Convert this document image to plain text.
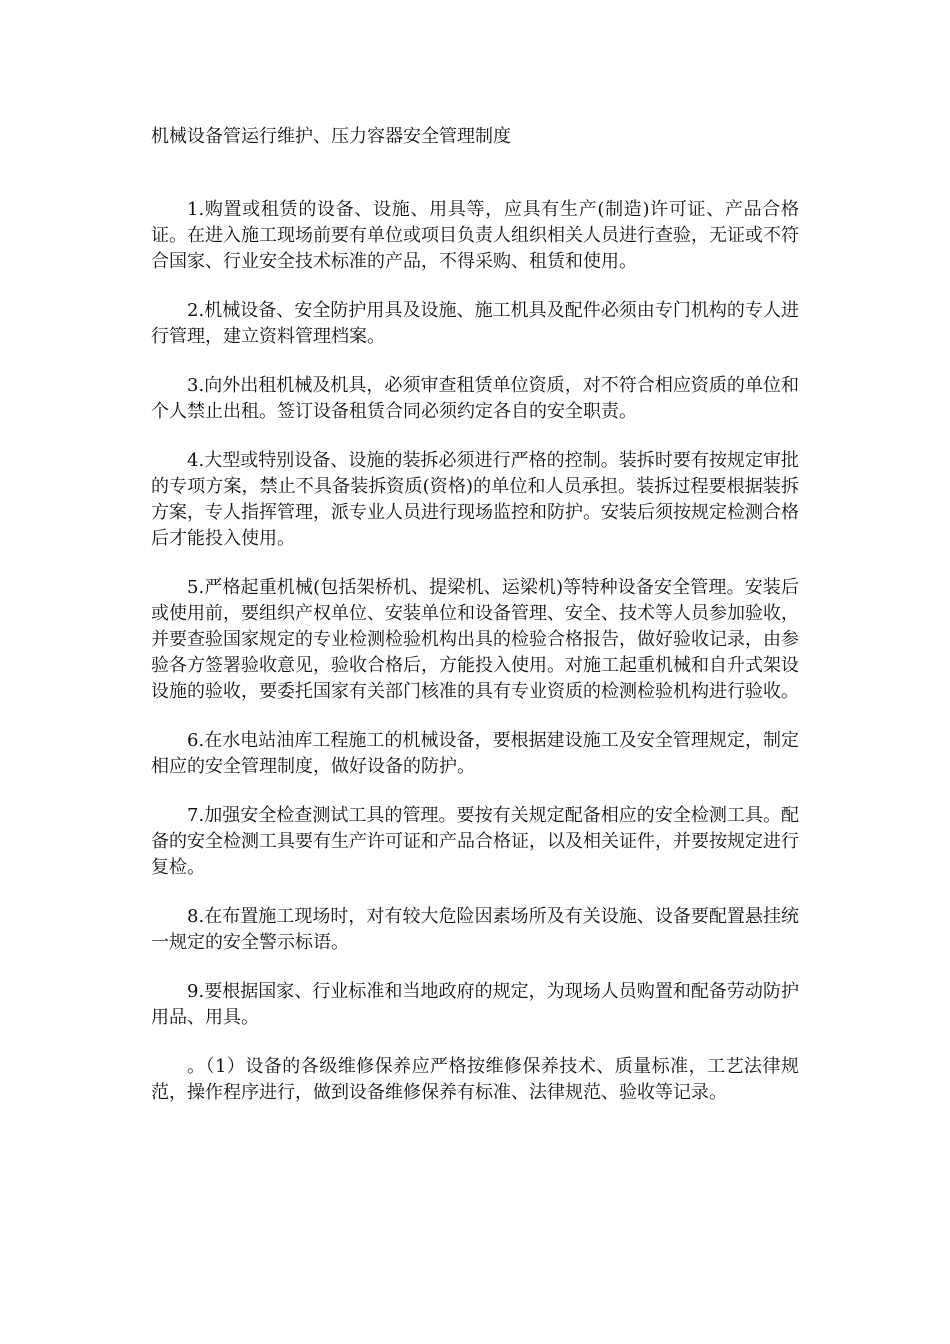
机械设备管运行维护、压力容器安全管理制度

1.购置或租赁的设备、设施、用具等，应具有生产(制造)许可证、产品合格证。在进入施工现场前要有单位或项目负责人组织相关人员进行查验，无证或不符合国家、行业安全技术标准的产品，不得采购、租赁和使用。

2.机械设备、安全防护用具及设施、施工机具及配件必须由专门机构的专人进行管理，建立资料管理档案。

3.向外出租机械及机具，必须审查租赁单位资质，对不符合相应资质的单位和个人禁止出租。签订设备租赁合同必须约定各自的安全职责。

4.大型或特别设备、设施的装拆必须进行严格的控制。装拆时要有按规定审批的专项方案，禁止不具备装拆资质(资格)的单位和人员承担。装拆过程要根据装拆方案，专人指挥管理，派专业人员进行现场监控和防护。安装后须按规定检测合格后才能投入使用。

5.严格起重机械(包括架桥机、提梁机、运梁机)等特种设备安全管理。安装后或使用前，要组织产权单位、安装单位和设备管理、安全、技术等人员参加验收，并要查验国家规定的专业检测检验机构出具的检验合格报告，做好验收记录，由参验各方签署验收意见，验收合格后，方能投入使用。对施工起重机械和自升式架设设施的验收，要委托国家有关部门核准的具有专业资质的检测检验机构进行验收。

6.在水电站油库工程施工的机械设备，要根据建设施工及安全管理规定，制定相应的安全管理制度，做好设备的防护。

7.加强安全检查测试工具的管理。要按有关规定配备相应的安全检测工具。配备的安全检测工具要有生产许可证和产品合格证，以及相关证件，并要按规定进行复检。

8.在布置施工现场时，对有较大危险因素场所及有关设施、设备要配置悬挂统一规定的安全警示标语。

9.要根据国家、行业标准和当地政府的规定，为现场人员购置和配备劳动防护用品、用具。

。（1）设备的各级维修保养应严格按维修保养技术、质量标准，工艺法律规范，操作程序进行，做到设备维修保养有标准、法律规范、验收等记录。
